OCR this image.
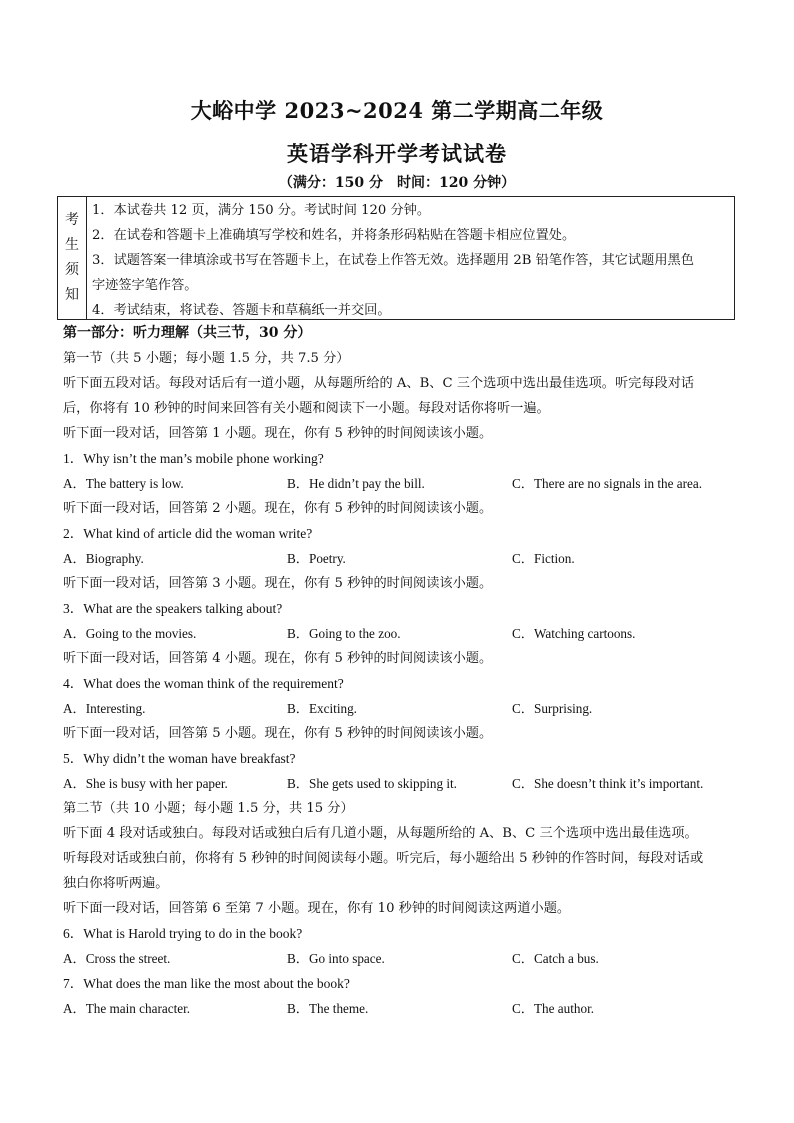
大峪中学 2023~2024 第二学期高二年级
英语学科开学考试试卷
（满分：150 分　时间：120 分钟）
考
生
须
知
1．本试卷共 12 页，满分 150 分。考试时间 120 分钟。
2．在试卷和答题卡上准确填写学校和姓名，并将条形码粘贴在答题卡相应位置处。
3．试题答案一律填涂或书写在答题卡上，在试卷上作答无效。选择题用 2B 铅笔作答，其它试题用黑色
字迹签字笔作答。
4．考试结束，将试卷、答题卡和草稿纸一并交回。
第一部分：听力理解（共三节，30 分）
第一节（共 5 小题；每小题 1.5 分，共 7.5 分）
听下面五段对话。每段对话后有一道小题，从每题所给的 A、B、C 三个选项中选出最佳选项。听完每段对话
后，你将有 10 秒钟的时间来回答有关小题和阅读下一小题。每段对话你将听一遍。
听下面一段对话，回答第 1 小题。现在，你有 5 秒钟的时间阅读该小题。
1．Why isn’t the man’s mobile phone working?
A．The battery is low.	B．He didn’t pay the bill.	C．There are no signals in the area.
听下面一段对话，回答第 2 小题。现在，你有 5 秒钟的时间阅读该小题。
2．What kind of article did the woman write?
A．Biography.	B．Poetry.	C．Fiction.
听下面一段对话，回答第 3 小题。现在，你有 5 秒钟的时间阅读该小题。
3．What are the speakers talking about?
A．Going to the movies.	B．Going to the zoo.	C．Watching cartoons.
听下面一段对话，回答第 4 小题。现在，你有 5 秒钟的时间阅读该小题。
4．What does the woman think of the requirement?
A．Interesting.	B．Exciting.	C．Surprising.
听下面一段对话，回答第 5 小题。现在，你有 5 秒钟的时间阅读该小题。
5．Why didn’t the woman have breakfast?
A．She is busy with her paper.	B．She gets used to skipping it.	C．She doesn’t think it’s important.
第二节（共 10 小题；每小题 1.5 分，共 15 分）
听下面 4 段对话或独白。每段对话或独白后有几道小题，从每题所给的 A、B、C 三个选项中选出最佳选项。
听每段对话或独白前，你将有 5 秒钟的时间阅读每小题。听完后，每小题给出 5 秒钟的作答时间，每段对话或
独白你将听两遍。
听下面一段对话，回答第 6 至第 7 小题。现在，你有 10 秒钟的时间阅读这两道小题。
6．What is Harold trying to do in the book?
A．Cross the street.	B．Go into space.	C．Catch a bus.
7．What does the man like the most about the book?
A．The main character.	B．The theme.	C．The author.
